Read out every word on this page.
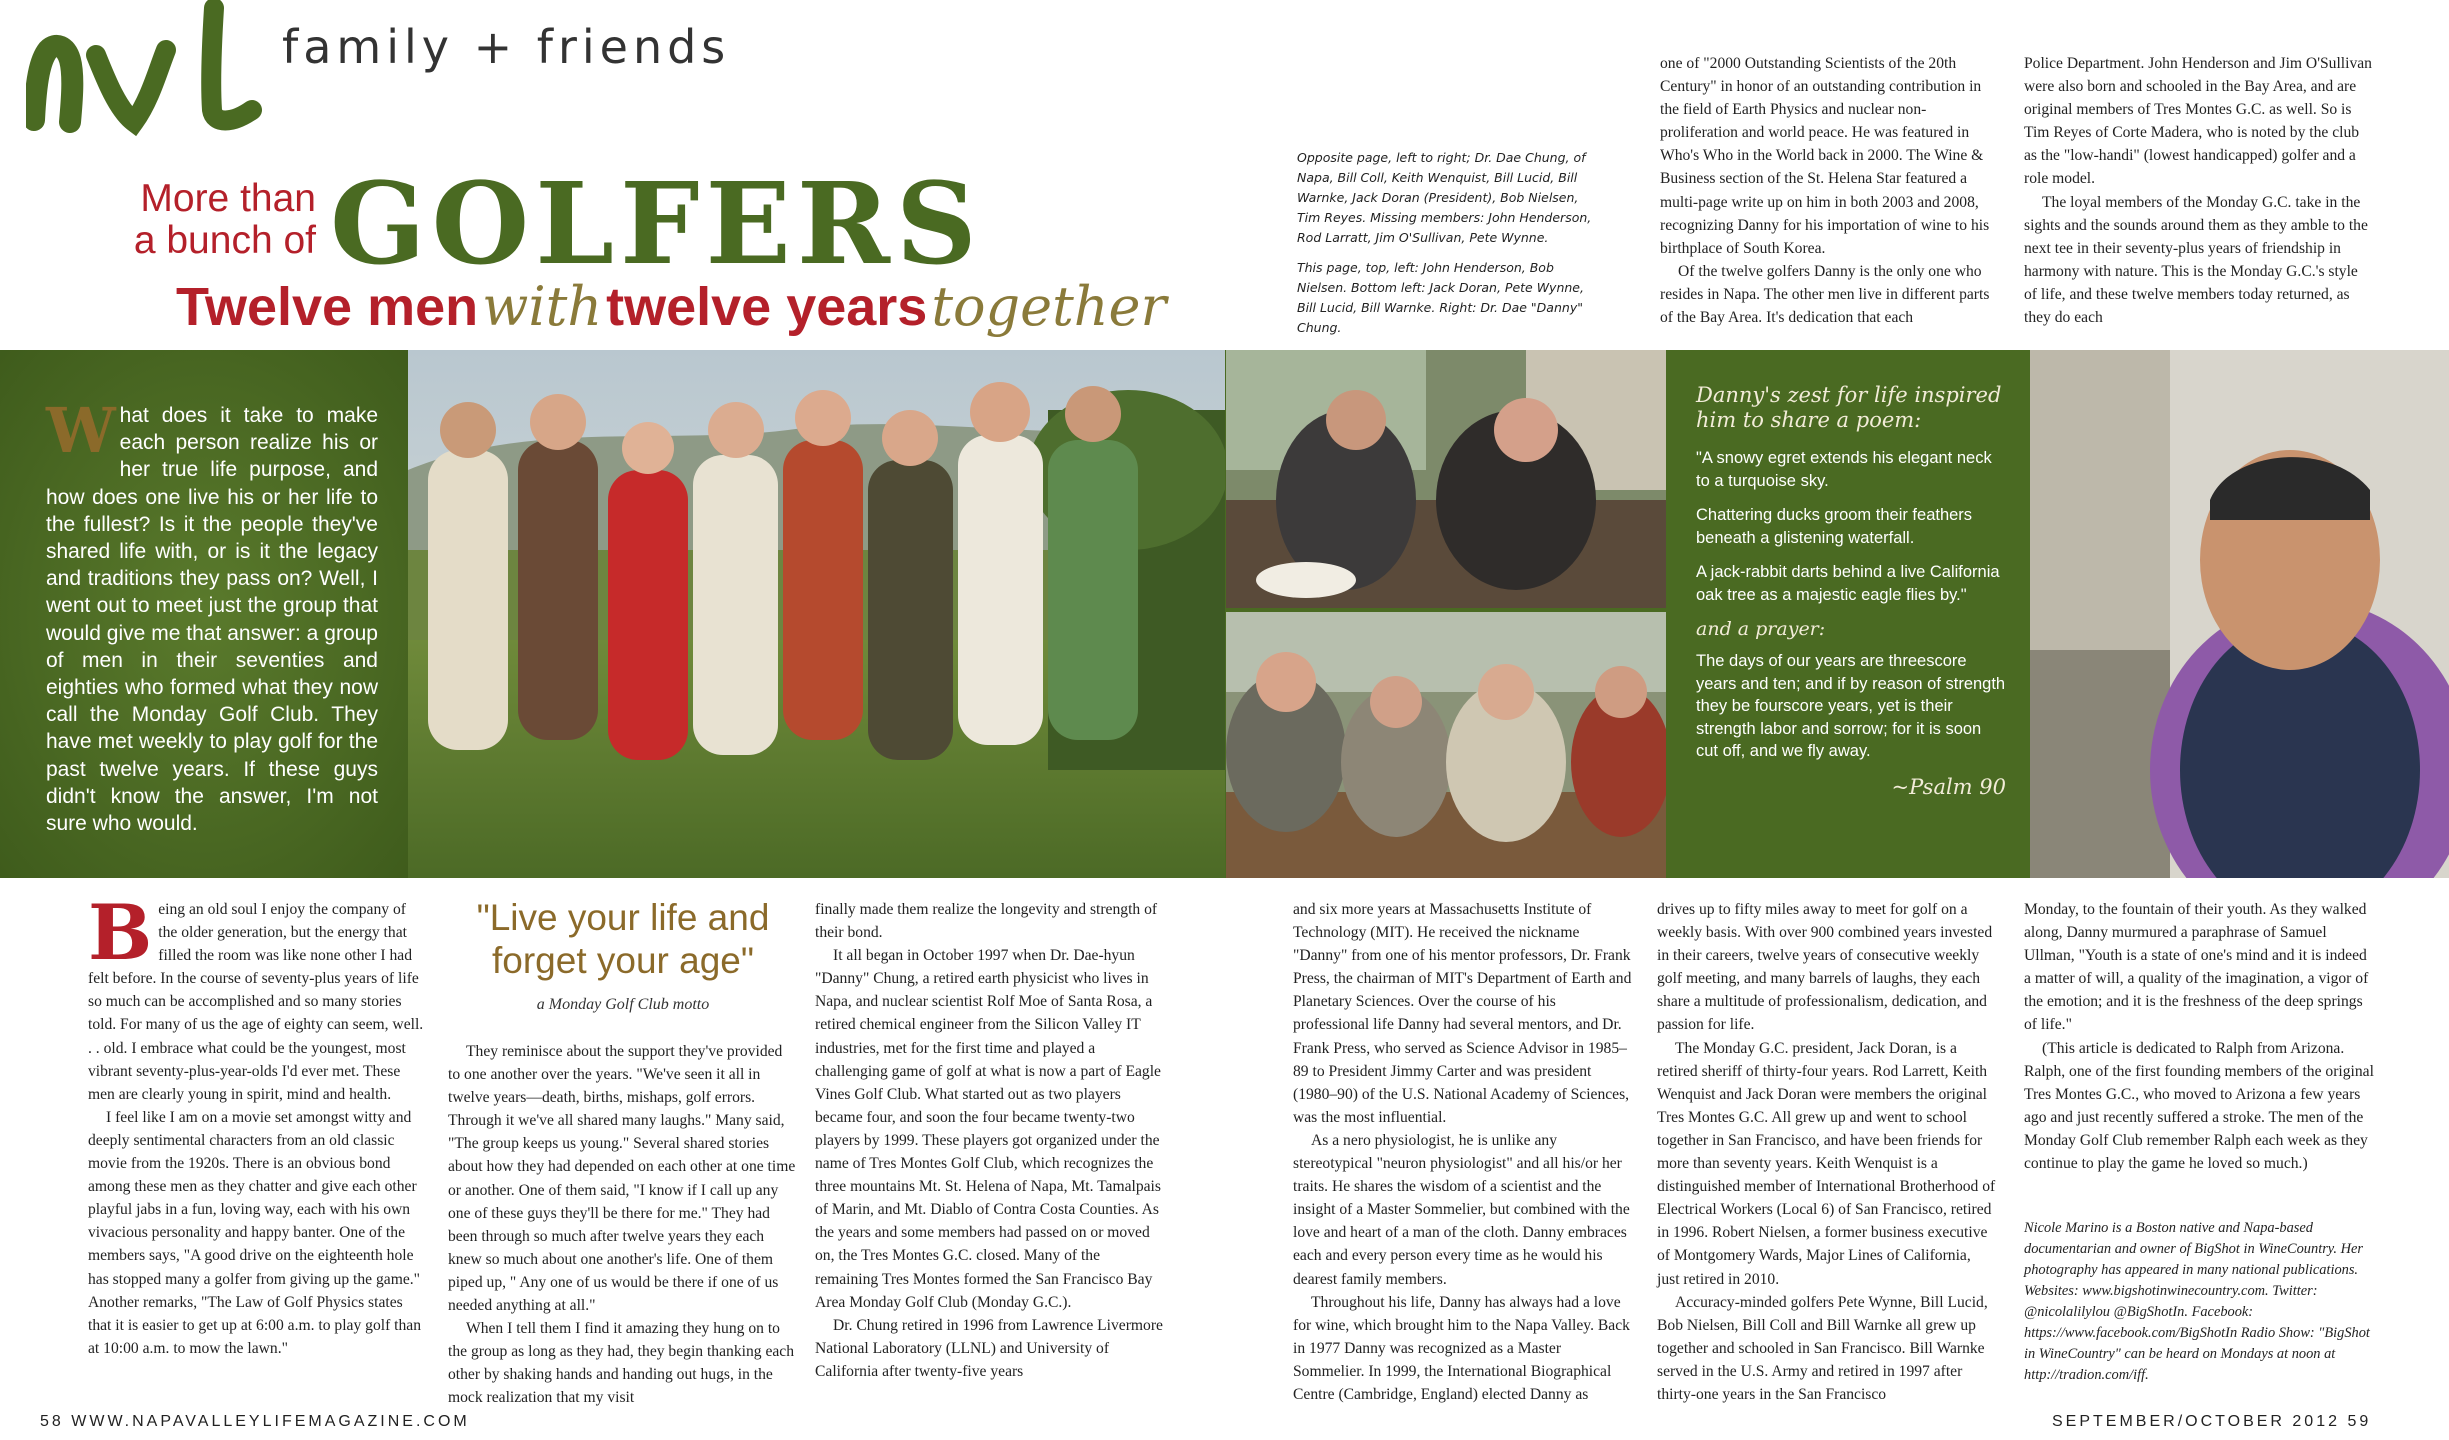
family + friends
More than
a bunch of GOLFERS
Twelve men with twelve years together
Opposite page, left to right; Dr. Dae Chung, of Napa, Bill Coll, Keith Wenquist, Bill Lucid, Bill Warnke, Jack Doran (President), Bob Nielsen, Tim Reyes. Missing members: John Henderson, Rod Larratt, Jim O'Sullivan, Pete Wynne.
This page, top, left: John Henderson, Bob Nielsen. Bottom left: Jack Doran, Pete Wynne, Bill Lucid, Bill Warnke. Right: Dr. Dae "Danny" Chung.

one of "2000 Outstanding Scientists of the 20th Century" in honor of an outstanding contribution in the field of Earth Physics and nuclear non-proliferation and world peace. He was featured in Who's Who in the World back in 2000. The Wine & Business section of the St. Helena Star featured a multi-page write up on him in both 2003 and 2008, recognizing Danny for his importation of wine to his birthplace of South Korea.

Of the twelve golfers Danny is the only one who resides in Napa. The other men live in different parts of the Bay Area. It's dedication that each

Police Department. John Henderson and Jim O'Sullivan were also born and schooled in the Bay Area, and are original members of Tres Montes G.C. as well. So is Tim Reyes of Corte Madera, who is noted by the club as the "low-handi" (lowest handicapped) golfer and a role model.

The loyal members of the Monday G.C. take in the sights and the sounds around them as they amble to the next tee in their seventy-plus years of friendship in harmony with nature. This is the Monday G.C.'s style of life, and these twelve members today returned, as they do each

What does it take to make each person realize his or her true life purpose, and how does one live his or her life to the fullest? Is it the people they've shared life with, or is it the legacy and traditions they pass on? Well, I went out to meet just the group that would give me that answer: a group of men in their seventies and eighties who formed what they now call the Monday Golf Club. They have met weekly to play golf for the past twelve years. If these guys didn't know the answer, I'm not sure who would.
Danny's zest for life inspired him to share a poem:
"A snowy egret extends his elegant neck to a turquoise sky.
Chattering ducks groom their feathers beneath a glistening waterfall.
A jack-rabbit darts behind a live California oak tree as a majestic eagle flies by."
and a prayer:
The days of our years are threescore years and ten; and if by reason of strength they be fourscore years, yet is their strength labor and sorrow; for it is soon cut off, and we fly away.
~Psalm 90

Being an old soul I enjoy the company of the older generation, but the energy that filled the room was like none other I had felt before. In the course of seventy-plus years of life so much can be accomplished and so many stories told. For many of us the age of eighty can seem, well. . . old. I embrace what could be the youngest, most vibrant seventy-plus-year-olds I'd ever met. These men are clearly young in spirit, mind and health.

I feel like I am on a movie set amongst witty and deeply sentimental characters from an old classic movie from the 1920s. There is an obvious bond among these men as they chatter and give each other playful jabs in a fun, loving way, each with his own vivacious personality and happy banter. One of the members says, "A good drive on the eighteenth hole has stopped many a golfer from giving up the game." Another remarks, "The Law of Golf Physics states that it is easier to get up at 6:00 a.m. to play golf than at 10:00 a.m. to mow the lawn."

"Live your life and forget your age"
a Monday Golf Club motto

They reminisce about the support they've provided to one another over the years. "We've seen it all in twelve years—death, births, mishaps, golf errors. Through it we've all shared many laughs." Many said, "The group keeps us young." Several shared stories about how they had depended on each other at one time or another. One of them said, "I know if I call up any one of these guys they'll be there for me." They had been through so much after twelve years they each knew so much about one another's life. One of them piped up, " Any one of us would be there if one of us needed anything at all."

When I tell them I find it amazing they hung on to the group as long as they had, they begin thanking each other by shaking hands and handing out hugs, in the mock realization that my visit

finally made them realize the longevity and strength of their bond.

It all began in October 1997 when Dr. Dae-hyun "Danny" Chung, a retired earth physicist who lives in Napa, and nuclear scientist Rolf Moe of Santa Rosa, a retired chemical engineer from the Silicon Valley IT industries, met for the first time and played a challenging game of golf at what is now a part of Eagle Vines Golf Club. What started out as two players became four, and soon the four became twenty-two players by 1999. These players got organized under the name of Tres Montes Golf Club, which recognizes the three mountains Mt. St. Helena of Napa, Mt. Tamalpais of Marin, and Mt. Diablo of Contra Costa Counties. As the years and some members had passed on or moved on, the Tres Montes G.C. closed. Many of the remaining Tres Montes formed the San Francisco Bay Area Monday Golf Club (Monday G.C.).

Dr. Chung retired in 1996 from Lawrence Livermore National Laboratory (LLNL) and University of California after twenty-five years

and six more years at Massachusetts Institute of Technology (MIT). He received the nickname "Danny" from one of his mentor professors, Dr. Frank Press, the chairman of MIT's Department of Earth and Planetary Sciences. Over the course of his professional life Danny had several mentors, and Dr. Frank Press, who served as Science Advisor in 1985–89 to President Jimmy Carter and was president (1980–90) of the U.S. National Academy of Sciences, was the most influential.

As a nero physiologist, he is unlike any stereotypical "neuron physiologist" and all his/or her traits. He shares the wisdom of a scientist and the insight of a Master Sommelier, but combined with the love and heart of a man of the cloth. Danny embraces each and every person every time as he would his dearest family members.

Throughout his life, Danny has always had a love for wine, which brought him to the Napa Valley. Back in 1977 Danny was recognized as a Master Sommelier. In 1999, the International Biographical Centre (Cambridge, England) elected Danny as

drives up to fifty miles away to meet for golf on a weekly basis. With over 900 combined years invested in their careers, twelve years of consecutive weekly golf meeting, and many barrels of laughs, they each share a multitude of professionalism, dedication, and passion for life.

The Monday G.C. president, Jack Doran, is a retired sheriff of thirty-four years. Rod Larrett, Keith Wenquist and Jack Doran were members the original Tres Montes G.C. All grew up and went to school together in San Francisco, and have been friends for more than seventy years. Keith Wenquist is a distinguished member of International Brotherhood of Electrical Workers (Local 6) of San Francisco, retired in 1996. Robert Nielsen, a former business executive of Montgomery Wards, Major Lines of California, just retired in 2010.

Accuracy-minded golfers Pete Wynne, Bill Lucid, Bob Nielsen, Bill Coll and Bill Warnke all grew up together and schooled in San Francisco. Bill Warnke served in the U.S. Army and retired in 1997 after thirty-one years in the San Francisco

Monday, to the fountain of their youth. As they walked along, Danny murmured a paraphrase of Samuel Ullman, "Youth is a state of one's mind and it is indeed a matter of will, a quality of the imagination, a vigor of the emotion; and it is the freshness of the deep springs of life."

(This article is dedicated to Ralph from Arizona. Ralph, one of the first founding members of the original Tres Montes G.C., who moved to Arizona a few years ago and just recently suffered a stroke. The men of the Monday Golf Club remember Ralph each week as they continue to play the game he loved so much.)

Nicole Marino is a Boston native and Napa-based documentarian and owner of BigShot in WineCountry. Her photography has appeared in many national publications. Websites: www.bigshotinwinecountry.com. Twitter: @nicolalilylou @BigShotIn. Facebook: https://www.facebook.com/BigShotIn Radio Show: "BigShot in WineCountry" can be heard on Mondays at noon at http://tradion.com/iff.
58 WWW.NAPAVALLEYLIFEMAGAZINE.COM	SEPTEMBER/OCTOBER 2012 59
